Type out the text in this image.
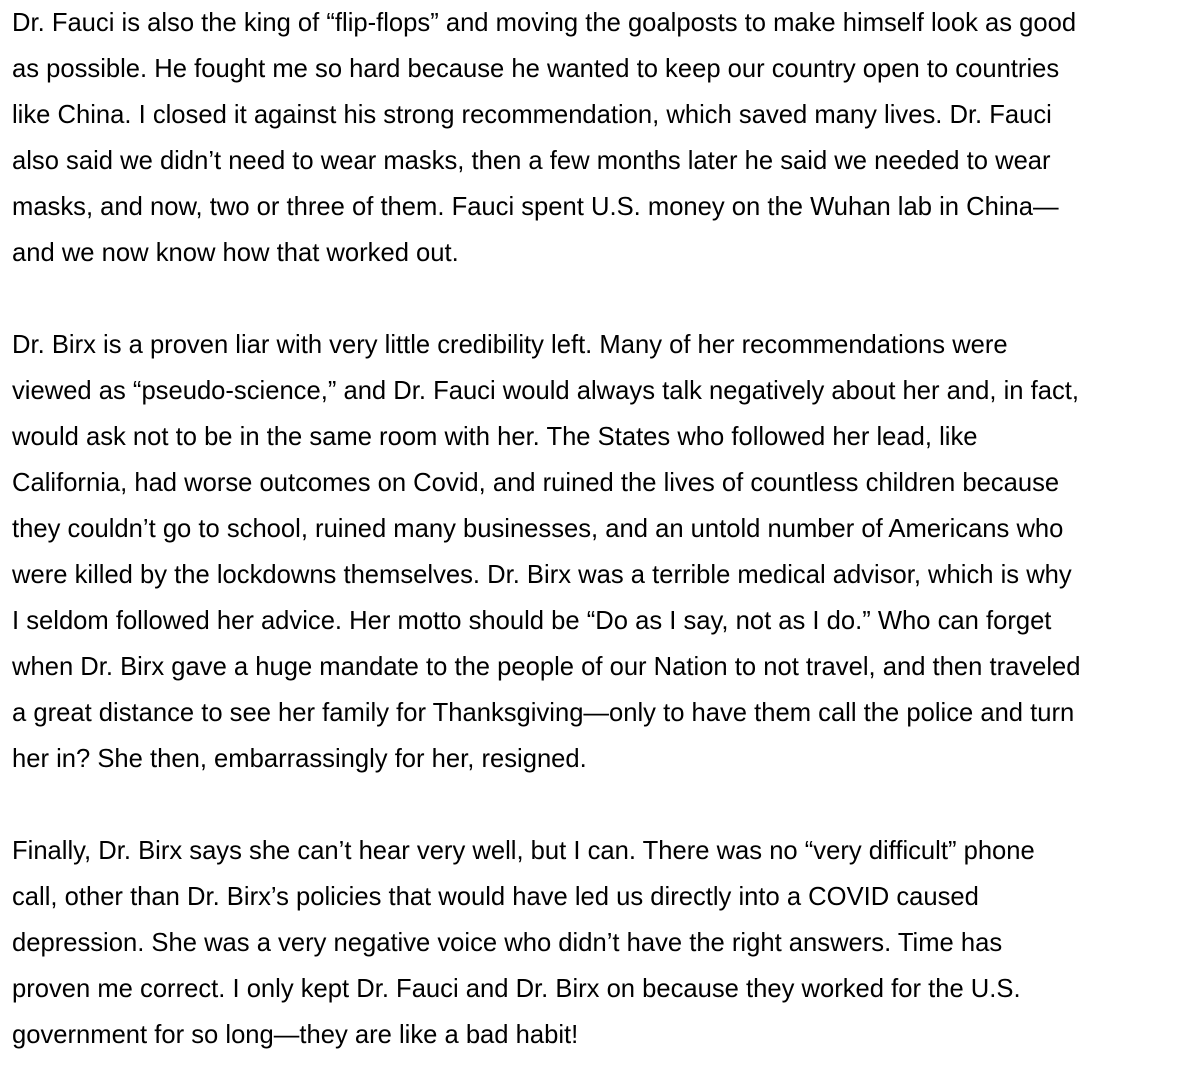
Dr. Fauci is also the king of “flip-flops” and moving the goalposts to make himself look as good
as possible. He fought me so hard because he wanted to keep our country open to countries
like China. I closed it against his strong recommendation, which saved many lives. Dr. Fauci
also said we didn’t need to wear masks, then a few months later he said we needed to wear
masks, and now, two or three of them. Fauci spent U.S. money on the Wuhan lab in China—
and we now know how that worked out.

Dr. Birx is a proven liar with very little credibility left. Many of her recommendations were
viewed as “pseudo-science,” and Dr. Fauci would always talk negatively about her and, in fact,
would ask not to be in the same room with her. The States who followed her lead, like
California, had worse outcomes on Covid, and ruined the lives of countless children because
they couldn’t go to school, ruined many businesses, and an untold number of Americans who
were killed by the lockdowns themselves. Dr. Birx was a terrible medical advisor, which is why
I seldom followed her advice. Her motto should be “Do as I say, not as I do.” Who can forget
when Dr. Birx gave a huge mandate to the people of our Nation to not travel, and then traveled
a great distance to see her family for Thanksgiving—only to have them call the police and turn
her in? She then, embarrassingly for her, resigned.

Finally, Dr. Birx says she can’t hear very well, but I can. There was no “very difficult” phone
call, other than Dr. Birx’s policies that would have led us directly into a COVID caused
depression. She was a very negative voice who didn’t have the right answers. Time has
proven me correct. I only kept Dr. Fauci and Dr. Birx on because they worked for the U.S.
government for so long—they are like a bad habit!
